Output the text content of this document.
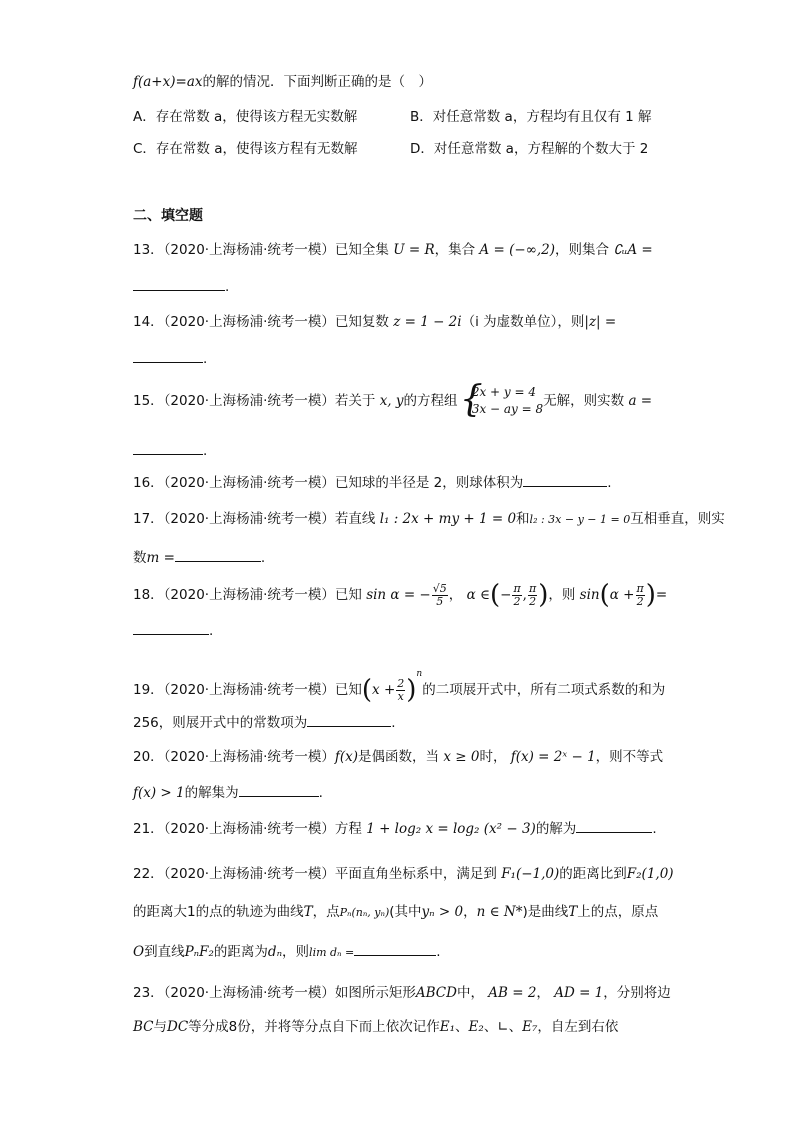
f(a+x)=ax的解的情况．下面判断正确的是（　）
A．存在常数 a，使得该方程无实数解	B．对任意常数 a，方程均有且仅有 1 解
C．存在常数 a，使得该方程有无数解	D．对任意常数 a，方程解的个数大于 2
二、填空题
13．（2020·上海杨浦·统考一模）已知全集 U = R，集合 A = (−∞,2)，则集合 ∁ᵤA =
.
14．（2020·上海杨浦·统考一模）已知复数 z = 1 − 2i（i 为虚数单位），则|z| =
.
15．（2020·上海杨浦·统考一模）若关于 x, y的方程组
{ 2x + y = 4
3x − ay = 8 无解，则实数 a =
.
16．（2020·上海杨浦·统考一模）已知球的半径是 2，则球体积为	.
17．（2020·上海杨浦·统考一模）若直线 l₁ : 2x + my + 1 = 0和l₂ : 3x − y − 1 = 0互相垂直，则实
数m =	.
18．（2020·上海杨浦·统考一模）已知 sin α = − $\frac{√5}{5}$ ， α ∈(− $\frac{\pi}{2}$ , $\frac{\pi}{2}$ )，则 $\sin(\alpha + \frac{\pi}{2}$ )=
.
19．（2020·上海杨浦·统考一模）已知$(x + \frac{2}{x} )^n$的二项展开式中，所有二项式系数的和为
256，则展开式中的常数项为	.
20．（2020·上海杨浦·统考一模）f(x)是偶函数，当 x ≥ 0时， f(x) = 2ˣ − 1，则不等式
f(x) > 1的解集为	.
21．（2020·上海杨浦·统考一模）方程 1 + log₂ x = log₂ (x² − 3)的解为	.
22．（2020·上海杨浦·统考一模）平面直角坐标系中，满足到 F₁(−1,0)的距离比到F₂(1,0)
的距离大1的点的轨迹为曲线T，点Pₙ(nₙ, yₙ)(其中yₙ > 0，n ∈ N*)是曲线T上的点，原点
O到直线PₙF₂的距离为dₙ，则lim dₙ =	.
23．（2020·上海杨浦·统考一模）如图所示矩形ABCD中， AB = 2， AD = 1，分别将边
BC与DC等分成8份，并将等分点自下而上依次记作E₁、E₂、∟、E₇，自左到右依
